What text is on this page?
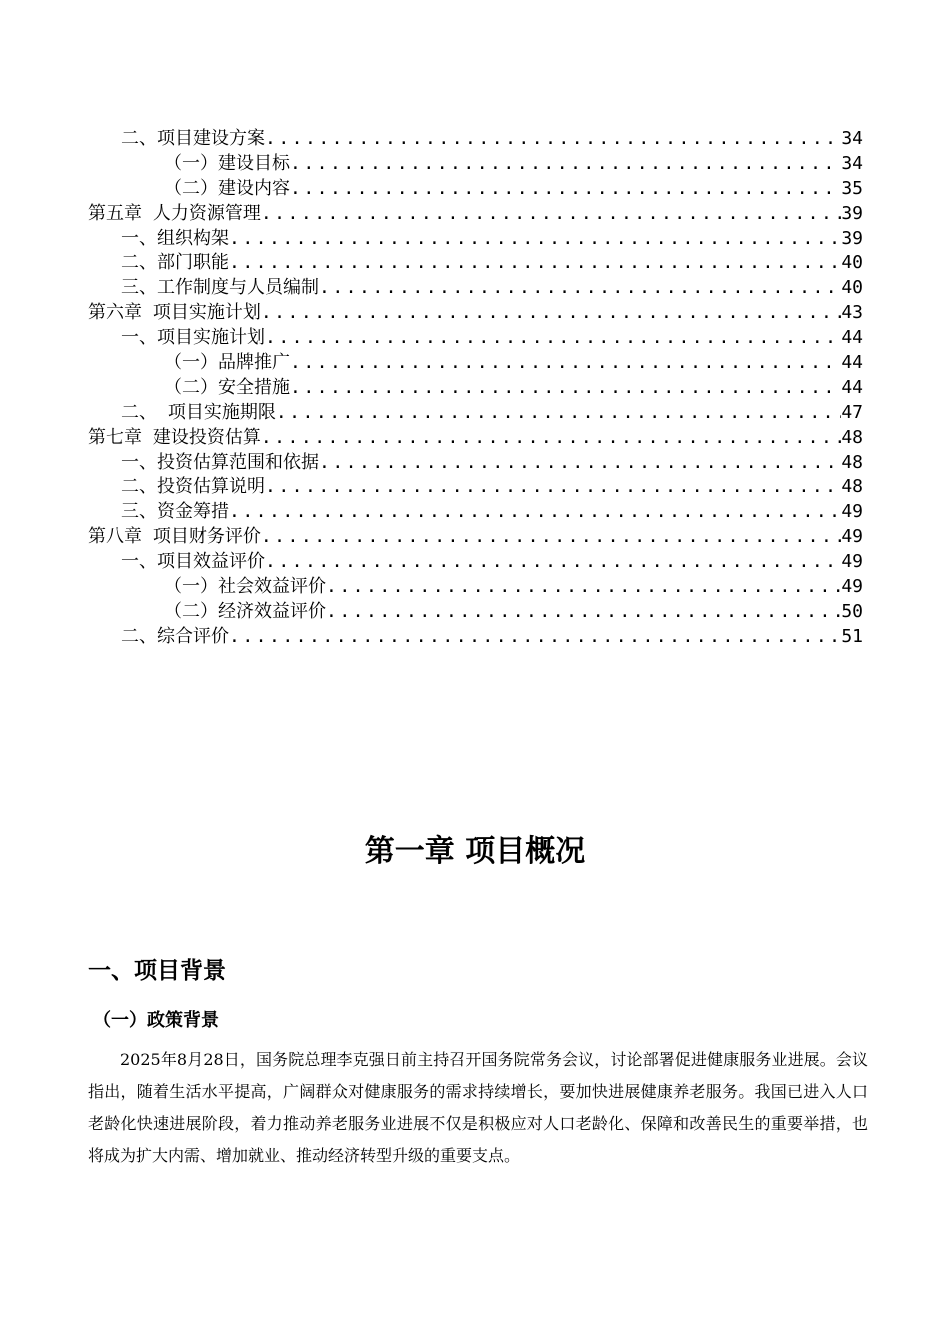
二、项目建设方案 .....	34
（一）建设目标 .....	34
（二）建设内容 .....	35
第五章 人力资源管理 .....	39
一、组织构架 .....	39
二、部门职能 .....	40
三、工作制度与人员编制 .....	40
第六章 项目实施计划 .....	43
一、项目实施计划 .....	44
（一）品牌推广 .....	44
（二）安全措施 .....	44
二、 项目实施期限 .....	47
第七章 建设投资估算 .....	48
一、投资估算范围和依据 .....	48
二、投资估算说明 .....	48
三、资金筹措 .....	49
第八章 项目财务评价 .....	49
一、项目效益评价 .....	49
（一）社会效益评价 .....	49
（二）经济效益评价 .....	50
二、综合评价 .....	51
第一章 项目概况
一、项目背景
（一）政策背景

2025年8月28日，国务院总理李克强日前主持召开国务院常务会议，讨论部署促进健康服务业进展。会议指出，随着生活水平提高，广阔群众对健康服务的需求持续增长，要加快进展健康养老服务。我国已进入人口老龄化快速进展阶段，着力推动养老服务业进展不仅是积极应对人口老龄化、保障和改善民生的重要举措，也将成为扩大内需、增加就业、推动经济转型升级的重要支点。
